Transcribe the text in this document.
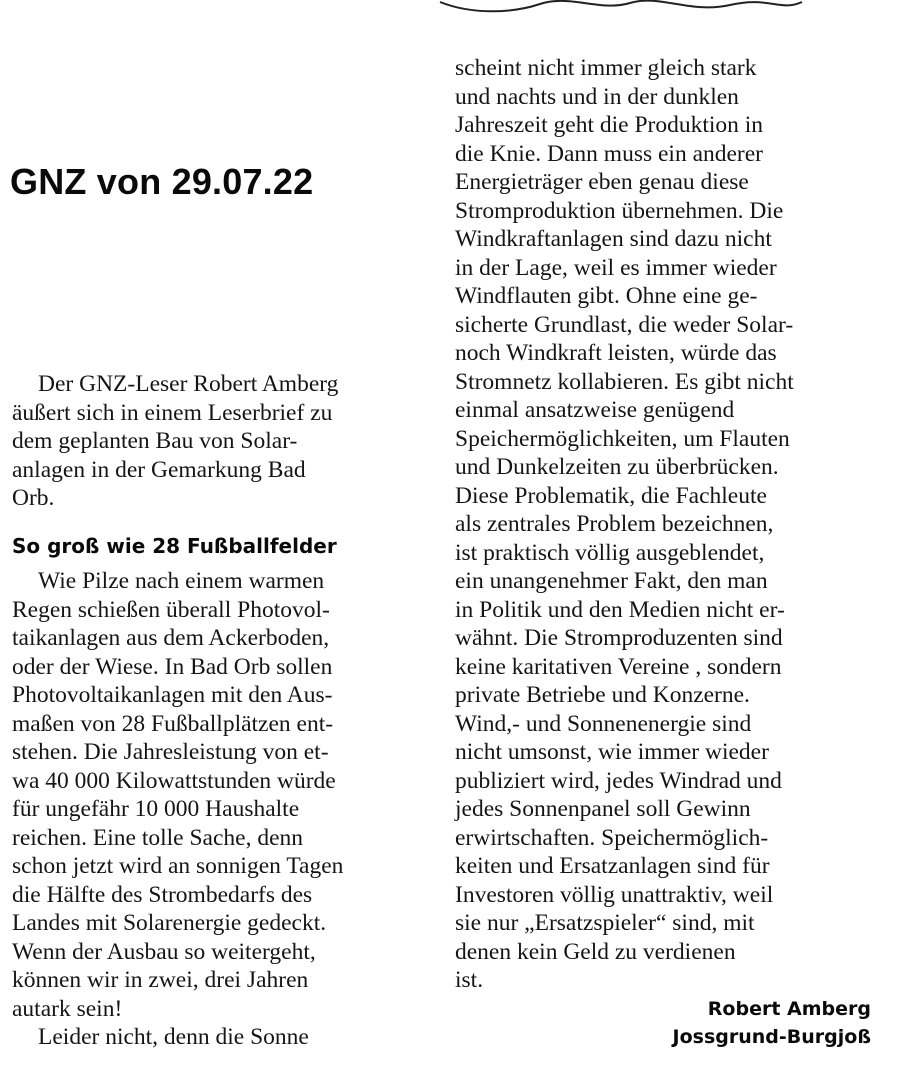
GNZ von 29.07.22

Der GNZ-Leser Robert Amberg
äußert sich in einem Leserbrief zu
dem geplanten Bau von Solar-
anlagen in der Gemarkung Bad
Orb.

So groß wie 28 Fußballfelder

Wie Pilze nach einem warmen
Regen schießen überall Photovol-
taikanlagen aus dem Ackerboden,
oder der Wiese. In Bad Orb sollen
Photovoltaikanlagen mit den Aus-
maßen von 28 Fußballplätzen ent-
stehen. Die Jahresleistung von et-
wa 40 000 Kilowattstunden würde
für ungefähr 10 000 Haushalte
reichen. Eine tolle Sache, denn
schon jetzt wird an sonnigen Tagen
die Hälfte des Strombedarfs des
Landes mit Solarenergie gedeckt.
Wenn der Ausbau so weitergeht,
können wir in zwei, drei Jahren
autark sein!

Leider nicht, denn die Sonne

scheint nicht immer gleich stark
und nachts und in der dunklen
Jahreszeit geht die Produktion in
die Knie. Dann muss ein anderer
Energieträger eben genau diese
Stromproduktion übernehmen. Die
Windkraftanlagen sind dazu nicht
in der Lage, weil es immer wieder
Windflauten gibt. Ohne eine ge-
sicherte Grundlast, die weder Solar-
noch Windkraft leisten, würde das
Stromnetz kollabieren. Es gibt nicht
einmal ansatzweise genügend
Speichermöglichkeiten, um Flauten
und Dunkelzeiten zu überbrücken.
Diese Problematik, die Fachleute
als zentrales Problem bezeichnen,
ist praktisch völlig ausgeblendet,
ein unangenehmer Fakt, den man
in Politik und den Medien nicht er-
wähnt. Die Stromproduzenten sind
keine karitativen Vereine , sondern
private Betriebe und Konzerne.
Wind,- und Sonnenenergie sind
nicht umsonst, wie immer wieder
publiziert wird, jedes Windrad und
jedes Sonnenpanel soll Gewinn
erwirtschaften. Speichermöglich-
keiten und Ersatzanlagen sind für
Investoren völlig unattraktiv, weil
sie nur „Ersatzspieler“ sind, mit
denen kein Geld zu verdienen
ist.

Robert Amberg
Jossgrund-Burgjoß
